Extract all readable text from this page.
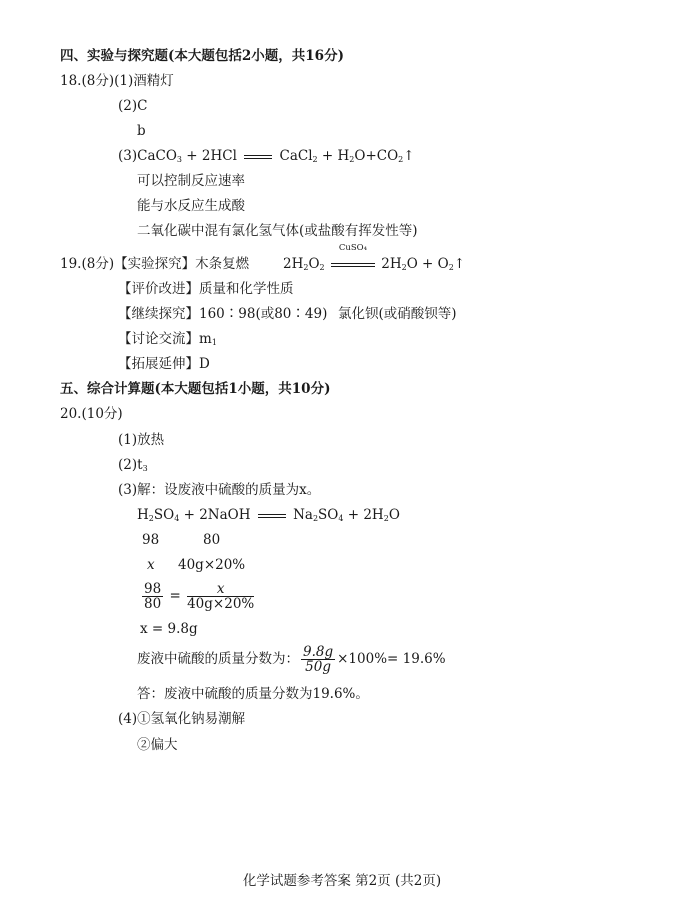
四、实验与探究题(本大题包括2小题，共16分)
18.(8分)(1)酒精灯
(2)C
b
(3)CaCO$_3$ + 2HCl	CaCl$_2$ + $H_2O+CO_2↑$
可以控制反应速率
能与水反应生成酸
二氧化碳中混有氯化氢气体(或盐酸有挥发性等)
19.(8分)【实验探究】木条复燃	$2H_2O_2$
CuSO₄
$2H_2O$ + $O_2↑$
【评价改进】质量和化学性质
【继续探究】160∶98(或80∶49) 氯化钡(或硝酸钡等)
【讨论交流】$m_1$
【拓展延伸】D
五、综合计算题(本大题包括1小题，共10分)
20.(10分)
(1)放热
$(2)t_3$
(3)解：设废液中硫酸的质量为x。
$H_2SO_4$ + 2NaOH	$Na_2SO_4 + 2H_2O$
98	80
x 40g×20%
$\frac{98}{80} = \frac{x}{40g\times 20\%}$
x = 9.8g
废液中硫酸的质量分数为： $\frac{9.8g}{50g} \times 100\%= 19.6\%$
答：废液中硫酸的质量分数为19.6%。
(4)①氢氧化钠易潮解
②偏大
化学试题参考答案 第2页 (共2页)
